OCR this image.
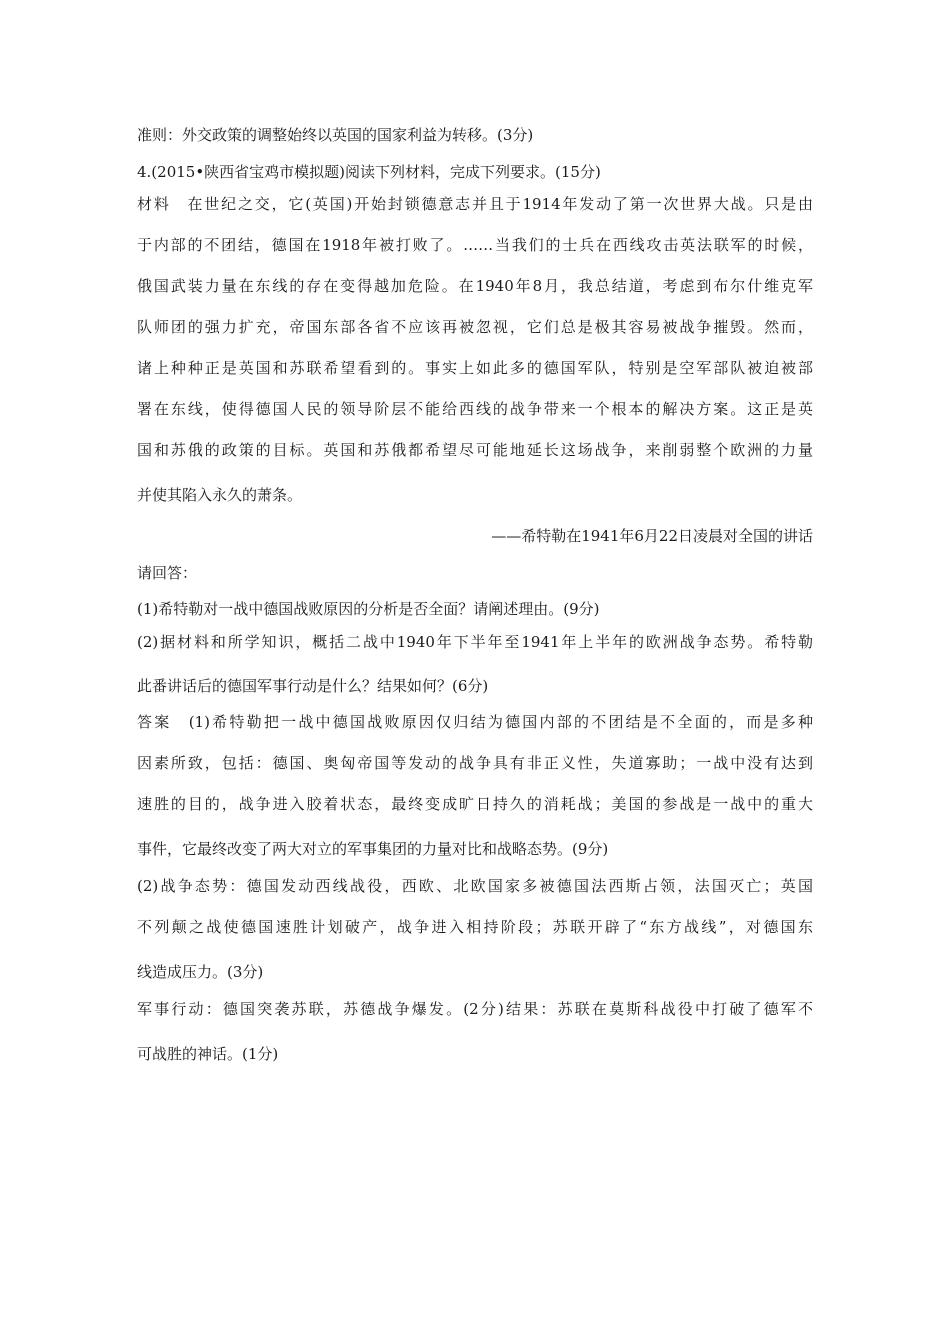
准则：外交政策的调整始终以英国的国家利益为转移。(3分)
4.(2015•陕西省宝鸡市模拟题)阅读下列材料，完成下列要求。(15分)
材料　在世纪之交，它(英国)开始封锁德意志并且于1914年发动了第一次世界大战。只是由
于内部的不团结，德国在1918年被打败了。……当我们的士兵在西线攻击英法联军的时候，
俄国武装力量在东线的存在变得越加危险。在1940年8月，我总结道，考虑到布尔什维克军
队师团的强力扩充，帝国东部各省不应该再被忽视，它们总是极其容易被战争摧毁。然而，
诸上种种正是英国和苏联希望看到的。事实上如此多的德国军队，特别是空军部队被迫被部
署在东线，使得德国人民的领导阶层不能给西线的战争带来一个根本的解决方案。这正是英
国和苏俄的政策的目标。英国和苏俄都希望尽可能地延长这场战争，来削弱整个欧洲的力量
并使其陷入永久的萧条。
——希特勒在1941年6月22日凌晨对全国的讲话
请回答：
(1)希特勒对一战中德国战败原因的分析是否全面？请阐述理由。(9分)
(2)据材料和所学知识，概括二战中1940年下半年至1941年上半年的欧洲战争态势。希特勒
此番讲话后的德国军事行动是什么？结果如何？(6分)
答案　(1)希特勒把一战中德国战败原因仅归结为德国内部的不团结是不全面的，而是多种
因素所致，包括：德国、奥匈帝国等发动的战争具有非正义性，失道寡助；一战中没有达到
速胜的目的，战争进入胶着状态，最终变成旷日持久的消耗战；美国的参战是一战中的重大
事件，它最终改变了两大对立的军事集团的力量对比和战略态势。(9分)
(2)战争态势：德国发动西线战役，西欧、北欧国家多被德国法西斯占领，法国灭亡；英国
不列颠之战使德国速胜计划破产，战争进入相持阶段；苏联开辟了“东方战线”，对德国东
线造成压力。(3分)
军事行动：德国突袭苏联，苏德战争爆发。(2分)结果：苏联在莫斯科战役中打破了德军不
可战胜的神话。(1分)
